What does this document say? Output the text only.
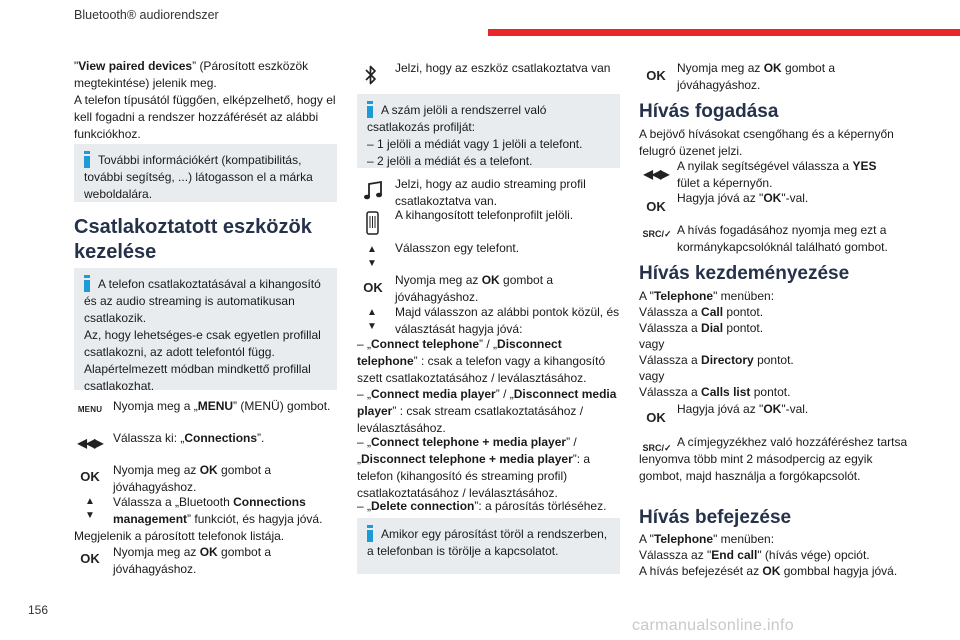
Bluetooth® audiorendszer
156
carmanualsonline.info

"View paired devices” (Párosított eszközök megtekintése) jelenik meg.

A telefon típusától függően, elképzelhető, hogy el kell fogadni a rendszer hozzáférését az alábbi funkciókhoz.

További információkért (kompatibilitás, további segítség, ...) látogasson el a márka weboldalára.
Csatlakoztatott eszközök kezelése
A telefon csatlakoztatásával a kihangosító és az audio streaming is automatikusan csatlakozik.
Az, hogy lehetséges-e csak egyetlen profillal csatlakozni, az adott telefontól függ.
Alapértelmezett módban mindkettő profillal csatlakozhat.
MENU Nyomja meg a „MENU” (MENÜ) gombot.

◀◀▶ Válassza ki: „Connections”.

OK	Nyomja meg az OK gombot a jóváhagyáshoz.

▲
▼

Válassza a „Bluetooth Connections management” funkciót, és hagyja jóvá.

Megjelenik a párosított telefonok listája.

OK	Nyomja meg az OK gombot a jóváhagyáshoz.

Jelzi, hogy az eszköz csatlakoztatva van

A szám jelöli a rendszerrel való csatlakozás profilját:
– 1 jelöli a médiát vagy 1 jelöli a telefont.
– 2 jelöli a médiát és a telefont.

Jelzi, hogy az audio streaming profil csatlakoztatva van.

A kihangosított telefonprofilt jelöli.

▲
▼

Válasszon egy telefont.

OK	Nyomja meg az OK gombot a jóváhagyáshoz.

▲
▼

Majd válasszon az alábbi pontok közül, és választását hagyja jóvá:

– „Connect telephone” / „Disconnect telephone” : csak a telefon vagy a kihangosító szett csatlakoztatásához / leválasztásához.

– „Connect media player” / „Disconnect media player” : csak stream csatlakoztatásához / leválasztásához.

– „Connect telephone + media player” / „Disconnect telephone + media player”: a telefon (kihangosító és streaming profil) csatlakoztatásához / leválasztásához.

– „Delete connection”: a párosítás törléséhez.

Amikor egy párosítást töröl a rendszerben, a telefonban is törölje a kapcsolatot.
OK Nyomja meg az OK gombot a jóváhagyáshoz.

Hívás fogadása

A bejövő hívásokat csengőhang és a képernyőn felugró üzenet jelzi.

◀◀▶

A nyilak segítségével válassza a YES fület a képernyőn.

OK

Hagyja jóvá az "OK"-val.

SRC/✓ A hívás fogadásához nyomja meg ezt a kormánykapcsolóknál található gombot.

Hívás kezdeményezése

A "Telephone" menüben:

Válassza a Call pontot.

Válassza a Dial pontot.

vagy

Válassza a Directory pontot.

vagy

Válassza a Calls list pontot.

OK

Hagyja jóvá az "OK"-val.

SRC/✓ A címjegyzékhez való hozzáféréshez tartsa lenyomva több mint 2 másodpercig az egyik gombot, majd használja a forgókapcsolót.

Hívás befejezése

A "Telephone" menüben:

Válassza az "End call" (hívás vége) opciót.

A hívás befejezését az OK gombbal hagyja jóvá.
